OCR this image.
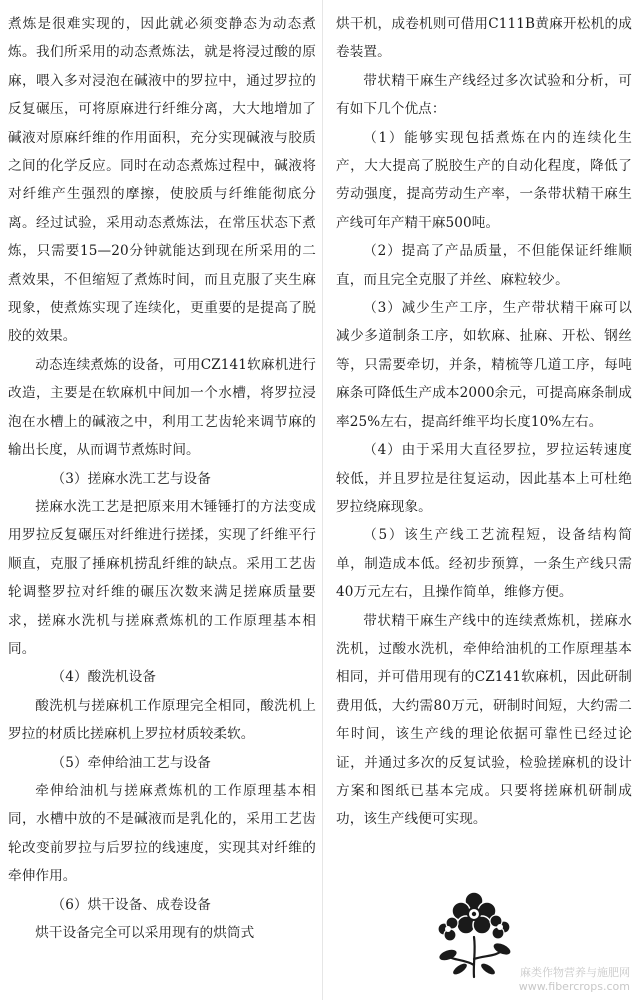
煮炼是很难实现的，因此就必须变静态为动态煮炼。我们所采用的动态煮炼法，就是将浸过酸的原麻，喂入多对浸泡在碱液中的罗拉中，通过罗拉的反复碾压，可将原麻进行纤维分离，大大地增加了碱液对原麻纤维的作用面积，充分实现碱液与胶质之间的化学反应。同时在动态煮炼过程中，碱液将对纤维产生强烈的摩擦，使胶质与纤维能彻底分离。经过试验，采用动态煮炼法，在常压状态下煮炼，只需要15—20分钟就能达到现在所采用的二煮效果，不但缩短了煮炼时间，而且克服了夹生麻现象，使煮炼实现了连续化，更重要的是提高了脱胶的效果。

动态连续煮炼的设备，可用CZ141软麻机进行改造，主要是在软麻机中间加一个水槽，将罗拉浸泡在水槽上的碱液之中，利用工艺齿轮来调节麻的输出长度，从而调节煮炼时间。

（3）搓麻水洗工艺与设备

搓麻水洗工艺是把原来用木锤锤打的方法变成用罗拉反复碾压对纤维进行搓揉，实现了纤维平行顺直，克服了捶麻机捞乱纤维的缺点。采用工艺齿轮调整罗拉对纤维的碾压次数来满足搓麻质量要求，搓麻水洗机与搓麻煮炼机的工作原理基本相同。

（4）酸洗机设备

酸洗机与搓麻机工作原理完全相同，酸洗机上罗拉的材质比搓麻机上罗拉材质较柔软。

（5）牵伸给油工艺与设备

牵伸给油机与搓麻煮炼机的工作原理基本相同，水槽中放的不是碱液而是乳化的，采用工艺齿轮改变前罗拉与后罗拉的线速度，实现其对纤维的牵伸作用。

（6）烘干设备、成卷设备

烘干设备完全可以采用现有的烘筒式

烘干机，成卷机则可借用C111B黄麻开松机的成卷装置。

带状精干麻生产线经过多次试验和分析，可有如下几个优点：

（1）能够实现包括煮炼在内的连续化生产，大大提高了脱胶生产的自动化程度，降低了劳动强度，提高劳动生产率，一条带状精干麻生产线可年产精干麻500吨。

（2）提高了产品质量，不但能保证纤维顺直，而且完全克服了并丝、麻粒较少。

（3）减少生产工序，生产带状精干麻可以减少多道制条工序，如软麻、扯麻、开松、钢丝等，只需要牵切，并条，精梳等几道工序，每吨麻条可降低生产成本2000余元，可提高麻条制成率25%左右，提高纤维平均长度10%左右。

（4）由于采用大直径罗拉，罗拉运转速度较低，并且罗拉是往复运动，因此基本上可杜绝罗拉绕麻现象。

（5）该生产线工艺流程短，设备结构简单，制造成本低。经初步预算，一条生产线只需40万元左右，且操作简单，维修方便。

带状精干麻生产线中的连续煮炼机，搓麻水洗机，过酸水洗机，牵伸给油机的工作原理基本相同，并可借用现有的CZ141软麻机，因此研制费用低，大约需80万元，研制时间短，大约需二年时间，该生产线的理论依据可靠性已经过论证，并通过多次的反复试验，检验搓麻机的设计方案和图纸已基本完成。只要将搓麻机研制成功，该生产线便可实现。

麻类作物营养与施肥网
www.fibercrops.com
